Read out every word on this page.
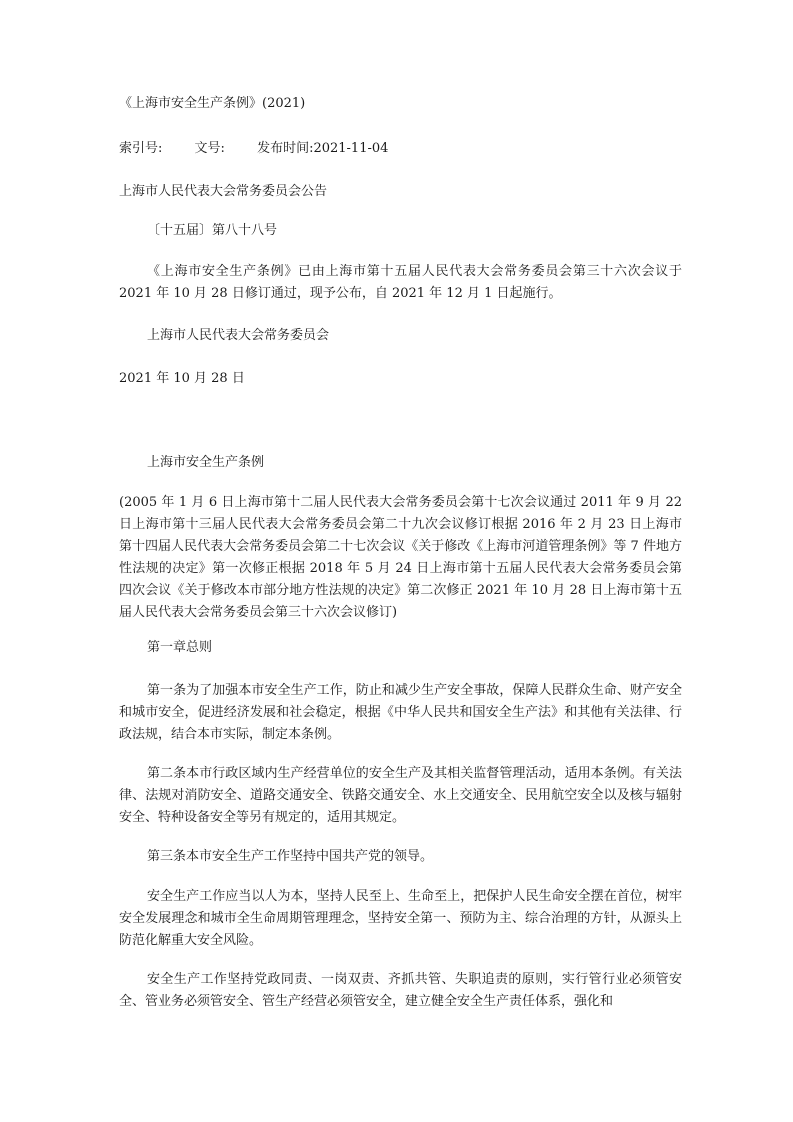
《上海市安全生产条例》(2021)
索引号: 文号: 发布时间:2021-11-04
上海市人民代表大会常务委员会公告
〔十五届〕第八十八号
《上海市安全生产条例》已由上海市第十五届人民代表大会常务委员会第三十六次会议于 2021 年 10 月 28 日修订通过，现予公布，自 2021 年 12 月 1 日起施行。
上海市人民代表大会常务委员会
2021 年 10 月 28 日
上海市安全生产条例
(2005 年 1 月 6 日上海市第十二届人民代表大会常务委员会第十七次会议通过 2011 年 9 月 22 日上海市第十三届人民代表大会常务委员会第二十九次会议修订根据 2016 年 2 月 23 日上海市第十四届人民代表大会常务委员会第二十七次会议《关于修改《上海市河道管理条例》等 7 件地方性法规的决定》第一次修正根据 2018 年 5 月 24 日上海市第十五届人民代表大会常务委员会第四次会议《关于修改本市部分地方性法规的决定》第二次修正 2021 年 10 月 28 日上海市第十五届人民代表大会常务委员会第三十六次会议修订)
第一章总则
第一条为了加强本市安全生产工作，防止和减少生产安全事故，保障人民群众生命、财产安全和城市安全，促进经济发展和社会稳定，根据《中华人民共和国安全生产法》和其他有关法律、行政法规，结合本市实际，制定本条例。
第二条本市行政区域内生产经营单位的安全生产及其相关监督管理活动，适用本条例。有关法律、法规对消防安全、道路交通安全、铁路交通安全、水上交通安全、民用航空安全以及核与辐射安全、特种设备安全等另有规定的，适用其规定。
第三条本市安全生产工作坚持中国共产党的领导。
安全生产工作应当以人为本，坚持人民至上、生命至上，把保护人民生命安全摆在首位，树牢安全发展理念和城市全生命周期管理理念，坚持安全第一、预防为主、综合治理的方针，从源头上防范化解重大安全风险。
安全生产工作坚持党政同责、一岗双责、齐抓共管、失职追责的原则，实行管行业必须管安全、管业务必须管安全、管生产经营必须管安全，建立健全安全生产责任体系，强化和
